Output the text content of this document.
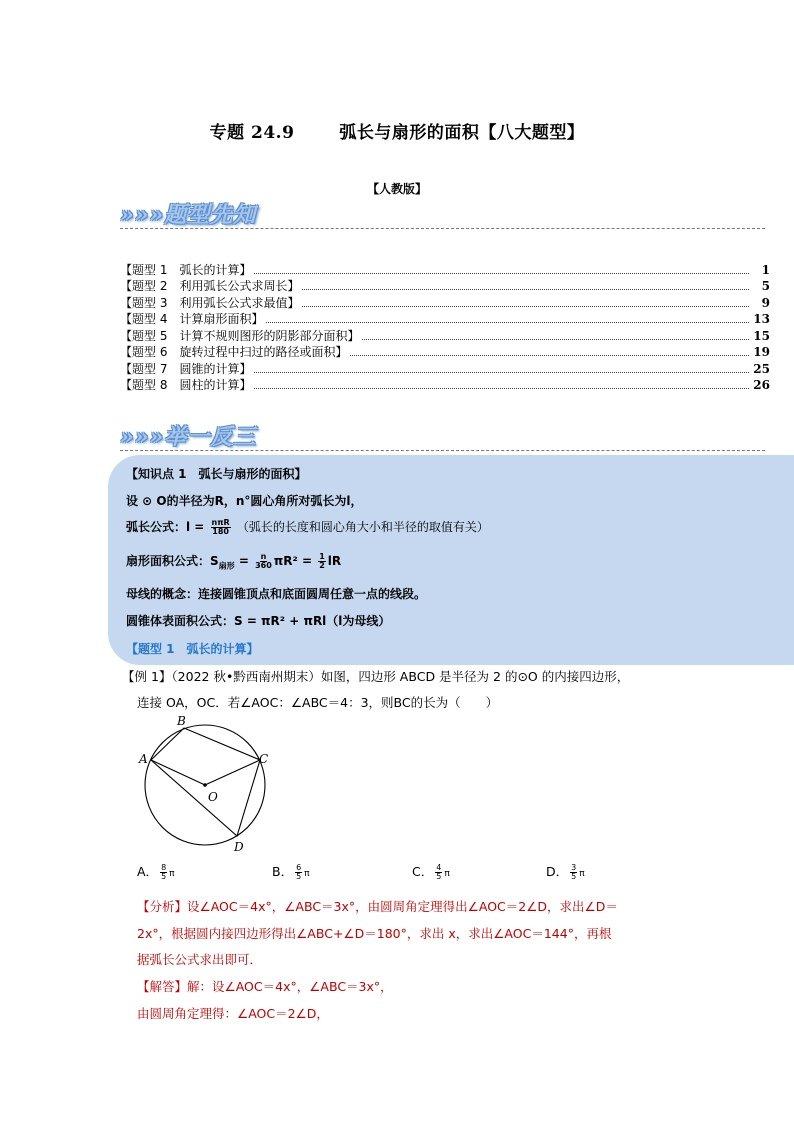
专题 24.9	弧长与扇形的面积【八大题型】
【人教版】
»»»题型先知
【题型 1　弧长的计算】	1
【题型 2　利用弧长公式求周长】	5
【题型 3　利用弧长公式求最值】	9
【题型 4　计算扇形面积】	13
【题型 5　计算不规则图形的阴影部分面积】	15
【题型 6　旋转过程中扫过的路径或面积】	19
【题型 7　圆锥的计算】	25
【题型 8　圆柱的计算】	26
»»»举一反三
【知识点 1　弧长与扇形的面积】
设 ⊙ O的半径为R，n°圆心角所对弧长为l，
弧长公式：$l = \frac{\text{nπR}}{180}$ （弧长的长度和圆心角大小和半径的取值有关）
扇形面积公式：$S_{扇形} = \frac{n}{360} \pi R^2 = \frac{1}{2}$ lR
母线的概念：连接圆锥顶点和底面圆周任意一点的线段。
圆锥体表面积公式：S = πR² + πRl（l为母线）
【题型 1　弧长的计算】
【例 1】（2022 秋•黔西南州期末）如图，四边形 ABCD 是半径为 2 的⊙O 的内接四边形，
连接 OA，OC．若∠AOC：∠ABC＝4：3，则BC的长为（　　）
A
B
C
D
O
A． $\frac{8}{5}$ π	B． $\frac{6}{5}$ π	C． $\frac{4}{5}$ π	D． $\frac{3}{5}$ π
【分析】设∠AOC＝4x°，∠ABC＝3x°，由圆周角定理得出∠AOC＝2∠D，求出∠D＝
2x°，根据圆内接四边形得出∠ABC+∠D＝180°，求出 x，求出∠AOC＝144°，再根
据弧长公式求出即可．
【解答】解：设∠AOC＝4x°，∠ABC＝3x°，
由圆周角定理得：∠AOC＝2∠D，
